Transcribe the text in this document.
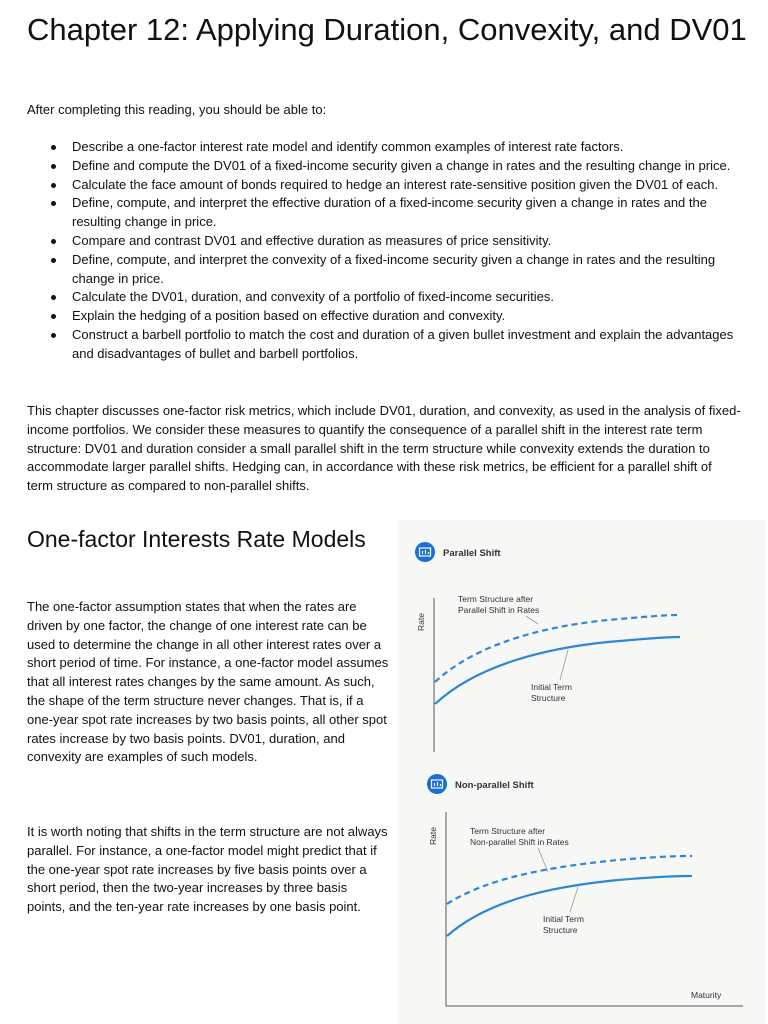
Chapter 12: Applying Duration, Convexity, and DV01
After completing this reading, you should be able to:
Describe a one-factor interest rate model and identify common examples of interest rate factors.
Define and compute the DV01 of a fixed-income security given a change in rates and the resulting change in price.
Calculate the face amount of bonds required to hedge an interest rate-sensitive position given the DV01 of each.
Define, compute, and interpret the effective duration of a fixed-income security given a change in rates and the resulting change in price.
Compare and contrast DV01 and effective duration as measures of price sensitivity.
Define, compute, and interpret the convexity of a fixed-income security given a change in rates and the resulting change in price.
Calculate the DV01, duration, and convexity of a portfolio of fixed-income securities.
Explain the hedging of a position based on effective duration and convexity.
Construct a barbell portfolio to match the cost and duration of a given bullet investment and explain the advantages and disadvantages of bullet and barbell portfolios.

This chapter discusses one-factor risk metrics, which include DV01, duration, and convexity, as used in the analysis of fixed-income portfolios. We consider these measures to quantify the consequence of a parallel shift in the interest rate term structure: DV01 and duration consider a small parallel shift in the term structure while convexity extends the duration to accommodate larger parallel shifts. Hedging can, in accordance with these risk metrics, be efficient for a parallel shift of term structure as compared to non-parallel shifts.

One-factor Interests Rate Models

The one-factor assumption states that when the rates are driven by one factor, the change of one interest rate can be used to determine the change in all other interest rates over a short period of time. For instance, a one-factor model assumes that all interest rates changes by the same amount. As such, the shape of the term structure never changes. That is, if a one-year spot rate increases by two basis points, all other spot rates increase by two basis points. DV01, duration, and convexity are examples of such models.

It is worth noting that shifts in the term structure are not always parallel. For instance, a one-factor model might predict that if the one-year spot rate increases by five basis points over a short period, then the two-year increases by three basis points, and the ten-year rate increases by one basis point.

Parallel Shift
Rate
Term Structure after
Parallel Shift in Rates
Initial Term
Structure
Non-parallel Shift
Maturity
Rate	Term Structure after
Non-parallel Shift in Rates
Initial Term
Structure
